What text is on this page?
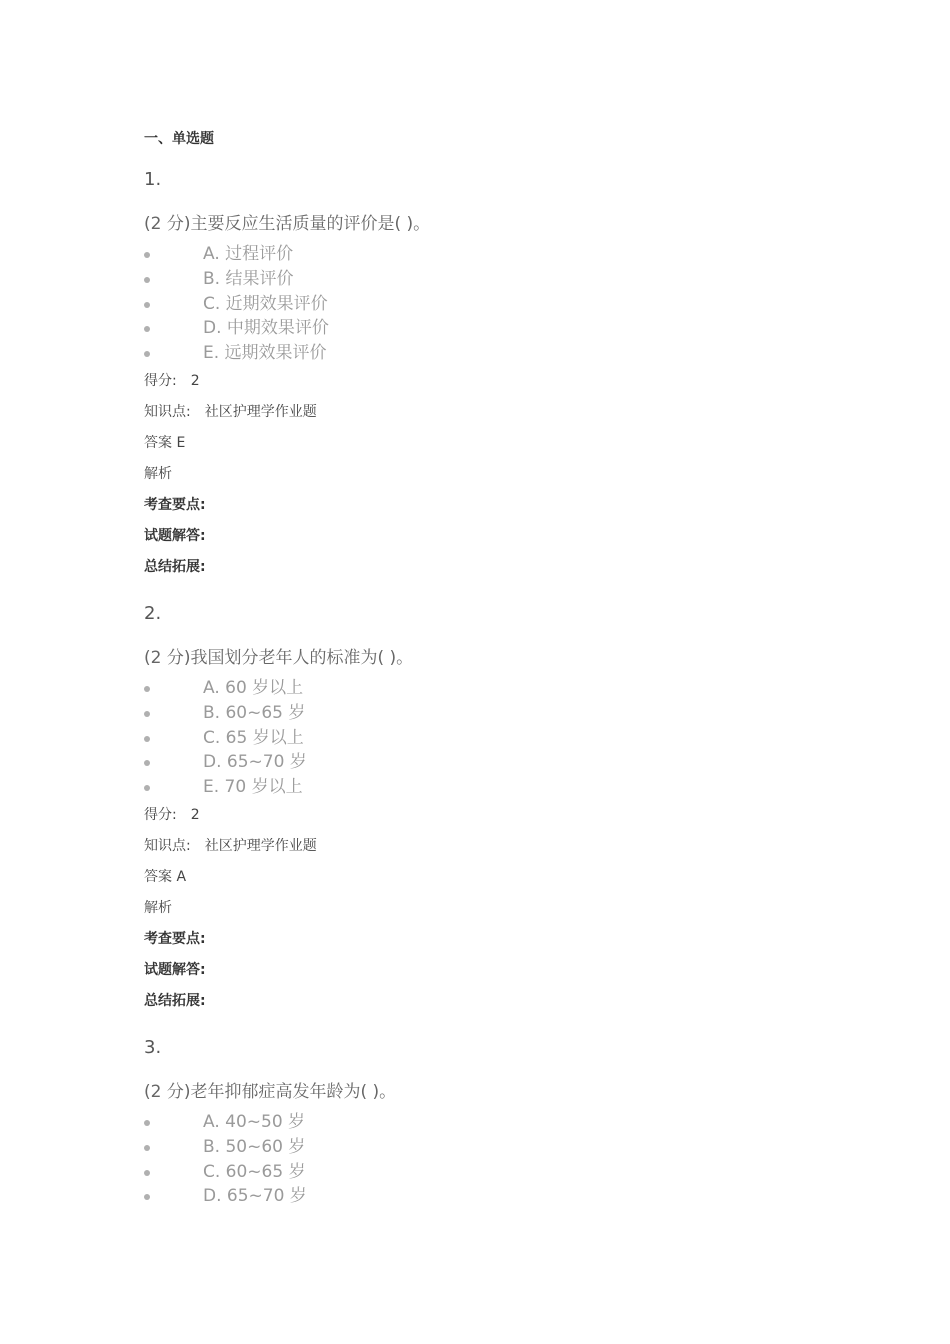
一、单选题
1.
(2 分)主要反应生活质量的评价是( )。
A. 过程评价
B. 结果评价
C. 近期效果评价
D. 中期效果评价
E. 远期效果评价
得分: 2
知识点: 社区护理学作业题
答案 E
解析
考查要点:
试题解答:
总结拓展:
2.
(2 分)我国划分老年人的标准为( )。
A. 60 岁以上
B. 60~65 岁
C. 65 岁以上
D. 65~70 岁
E. 70 岁以上
得分: 2
知识点: 社区护理学作业题
答案 A
解析
考查要点:
试题解答:
总结拓展:
3.
(2 分)老年抑郁症高发年龄为( )。
A. 40~50 岁
B. 50~60 岁
C. 60~65 岁
D. 65~70 岁
